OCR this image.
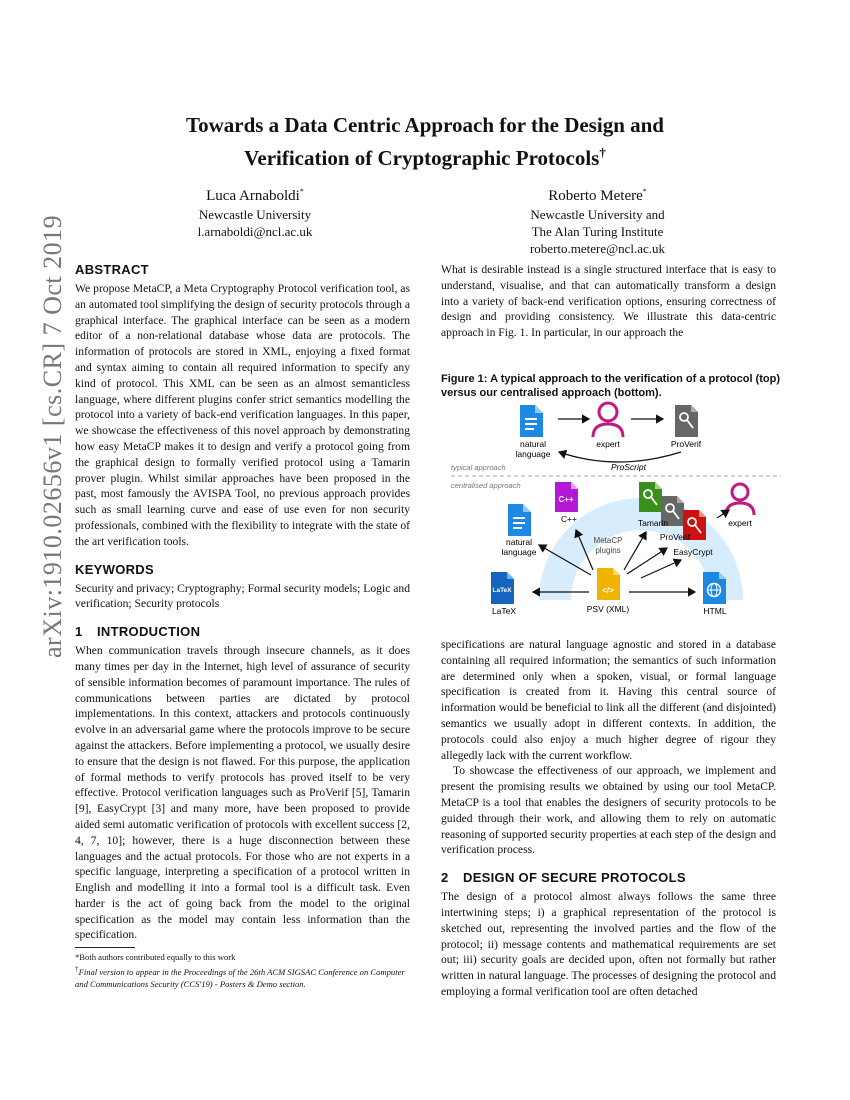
Towards a Data Centric Approach for the Design and
Verification of Cryptographic Protocols†
Luca Arnaboldi*
Newcastle University
l.arnaboldi@ncl.ac.uk
Roberto Metere*
Newcastle University and
The Alan Turing Institute
roberto.metere@ncl.ac.uk
arXiv:1910.02656v1 [cs.CR] 7 Oct 2019 ABSTRACT
We propose MetaCP, a Meta Cryptography Protocol verification tool, as an automated tool simplifying the design of security protocols through a graphical interface. The graphical interface can be seen as a modern editor of a non-relational database whose data are protocols. The information of protocols are stored in XML, enjoying a fixed format and syntax aiming to contain all required information to specify any kind of protocol. This XML can be seen as an almost semanticless language, where different plugins confer strict semantics modelling the protocol into a variety of back-end verification languages. In this paper, we showcase the effectiveness of this novel approach by demonstrating how easy MetaCP makes it to design and verify a protocol going from the graphical design to formally verified protocol using a Tamarin prover plugin. Whilst similar approaches have been proposed in the past, most famously the AVISPA Tool, no previous approach provides such as small learning curve and ease of use even for non security professionals, combined with the flexibility to integrate with the state of the art verification tools.
KEYWORDS
Security and privacy; Cryptography; Formal security models; Logic and verification; Security protocols
1 INTRODUCTION
When communication travels through insecure channels, as it does many times per day in the Internet, high level of assurance of security of sensible information becomes of paramount importance. The rules of communications between parties are dictated by protocol implementations. In this context, attackers and protocols continuously evolve in an adversarial game where the protocols improve to be secure against the attackers. Before implementing a protocol, we usually desire to ensure that the design is not flawed. For this purpose, the application of formal methods to verify protocols has proved itself to be very effective. Protocol verification languages such as ProVerif [5], Tamarin [9], EasyCrypt [3] and many more, have been proposed to provide aided semi automatic verification of protocols with excellent success [2, 4, 7, 10]; however, there is a huge disconnection between these languages and the actual protocols. For those who are not experts in a specific language, interpreting a specification of a protocol written in English and modelling it into a formal tool is a difficult task. Even harder is the act of going back from the model to the original specification as the model may contain less information than the specification.
*Both authors contributed equally to this work
†Final version to appear in the Proceedings of the 26th ACM SIGSAC Conference on Computer and Communications Security (CCS'19) - Posters & Demo section.
What is desirable instead is a single structured interface that is easy to understand, visualise, and that can automatically transform a design into a variety of back-end verification options, ensuring correctness of design and providing consistency. We illustrate this data-centric approach in Fig. 1. In particular, in our approach the
Figure 1: A typical approach to the verification of a protocol (top) versus our centralised approach (bottom).
natural
language
expert	ProVerif
ProScript
typical approach
centralised approach
C++
C++	Tamarin
ProVerif
EasyCrypt
expert
natural
language
MetaCP
plugins
</>
PSV (XML)
LaTeX
LaTeX	HTML
specifications are natural language agnostic and stored in a database containing all required information; the semantics of such information are determined only when a spoken, visual, or formal language specification is created from it. Having this central source of information would be beneficial to link all the different (and disjointed) semantics we usually adopt in different contexts. In addition, the protocols could also enjoy a much higher degree of rigour they allegedly lack with the current workflow.
To showcase the effectiveness of our approach, we implement and present the promising results we obtained by using our tool MetaCP. MetaCP is a tool that enables the designers of security protocols to be guided through their work, and allowing them to rely on automatic reasoning of supported security properties at each step of the design and verification process.
2 DESIGN OF SECURE PROTOCOLS
The design of a protocol almost always follows the same three intertwining steps; i) a graphical representation of the protocol is sketched out, representing the involved parties and the flow of the protocol; ii) message contents and mathematical requirements are set out; iii) security goals are decided upon, often not formally but rather written in natural language. The processes of designing the protocol and employing a formal verification tool are often detached
